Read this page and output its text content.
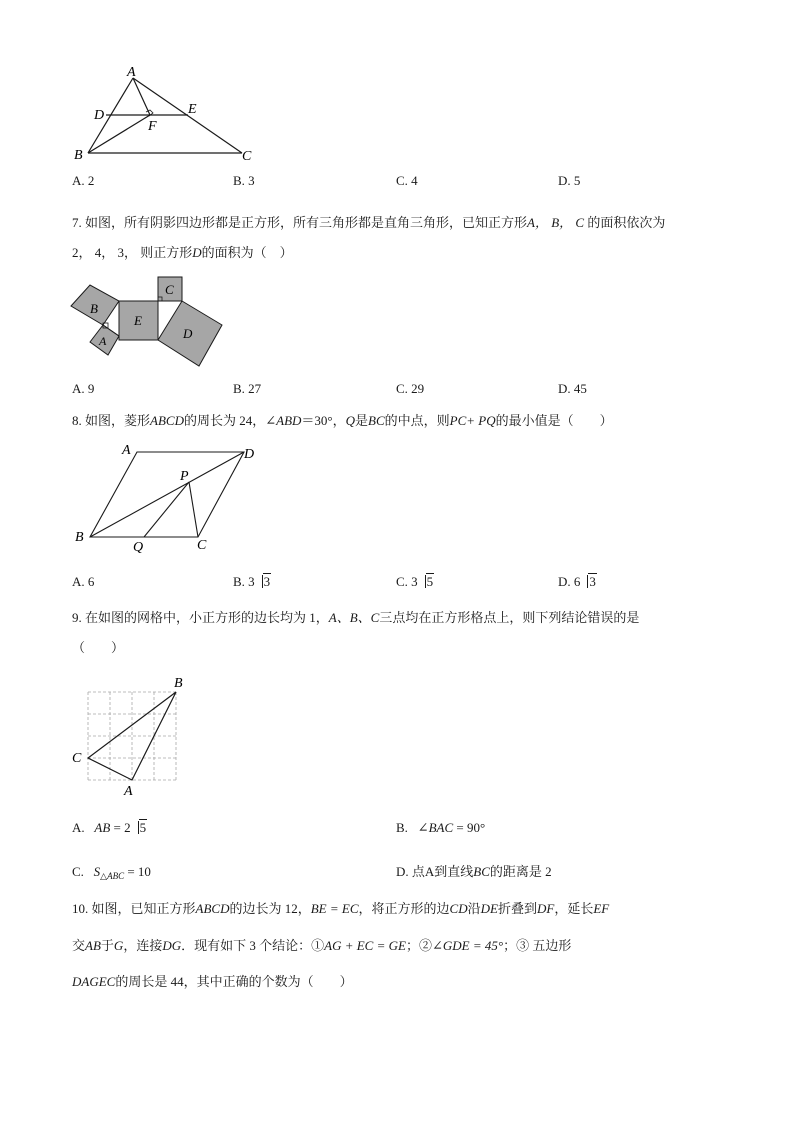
A
D	E
F
B	C
A. 2	B. 3	C. 4	D. 5
7. 如图，所有阴影四边形都是正方形，所有三角形都是直角三角形，已知正方形A， B， C 的面积依次为
2， 4， 3， 则正方形D的面积为（　）
B
A
E
C
D
A. 9	B. 27	C. 29	D. 45
8. 如图，菱形ABCD的周长为 24，∠ABD＝30°，Q是BC的中点，则PC+ PQ的最小值是（　　）
A	D
P
B
Q	C
A. 6	B. 3 3	C. 3 5	D. 6 3
9. 在如图的网格中，小正方形的边长均为 1，A、B、C三点均在正方形格点上，则下列结论错误的是
（　　）
B
C
A
A. AB = 2 5	B. ∠BAC = 90°
C. $S_{\triangle ABC} = 10$	D. 点A到直线BC的距离是 2
10. 如图，已知正方形ABCD的边长为 12，BE = EC，将正方形的边CD沿DE折叠到DF，延长EF
交AB于G，连接DG．现有如下 3 个结论：①AG + EC = GE；②∠GDE = 45°；③ 五边形
DAGEC的周长是 44，其中正确的个数为（　　）
